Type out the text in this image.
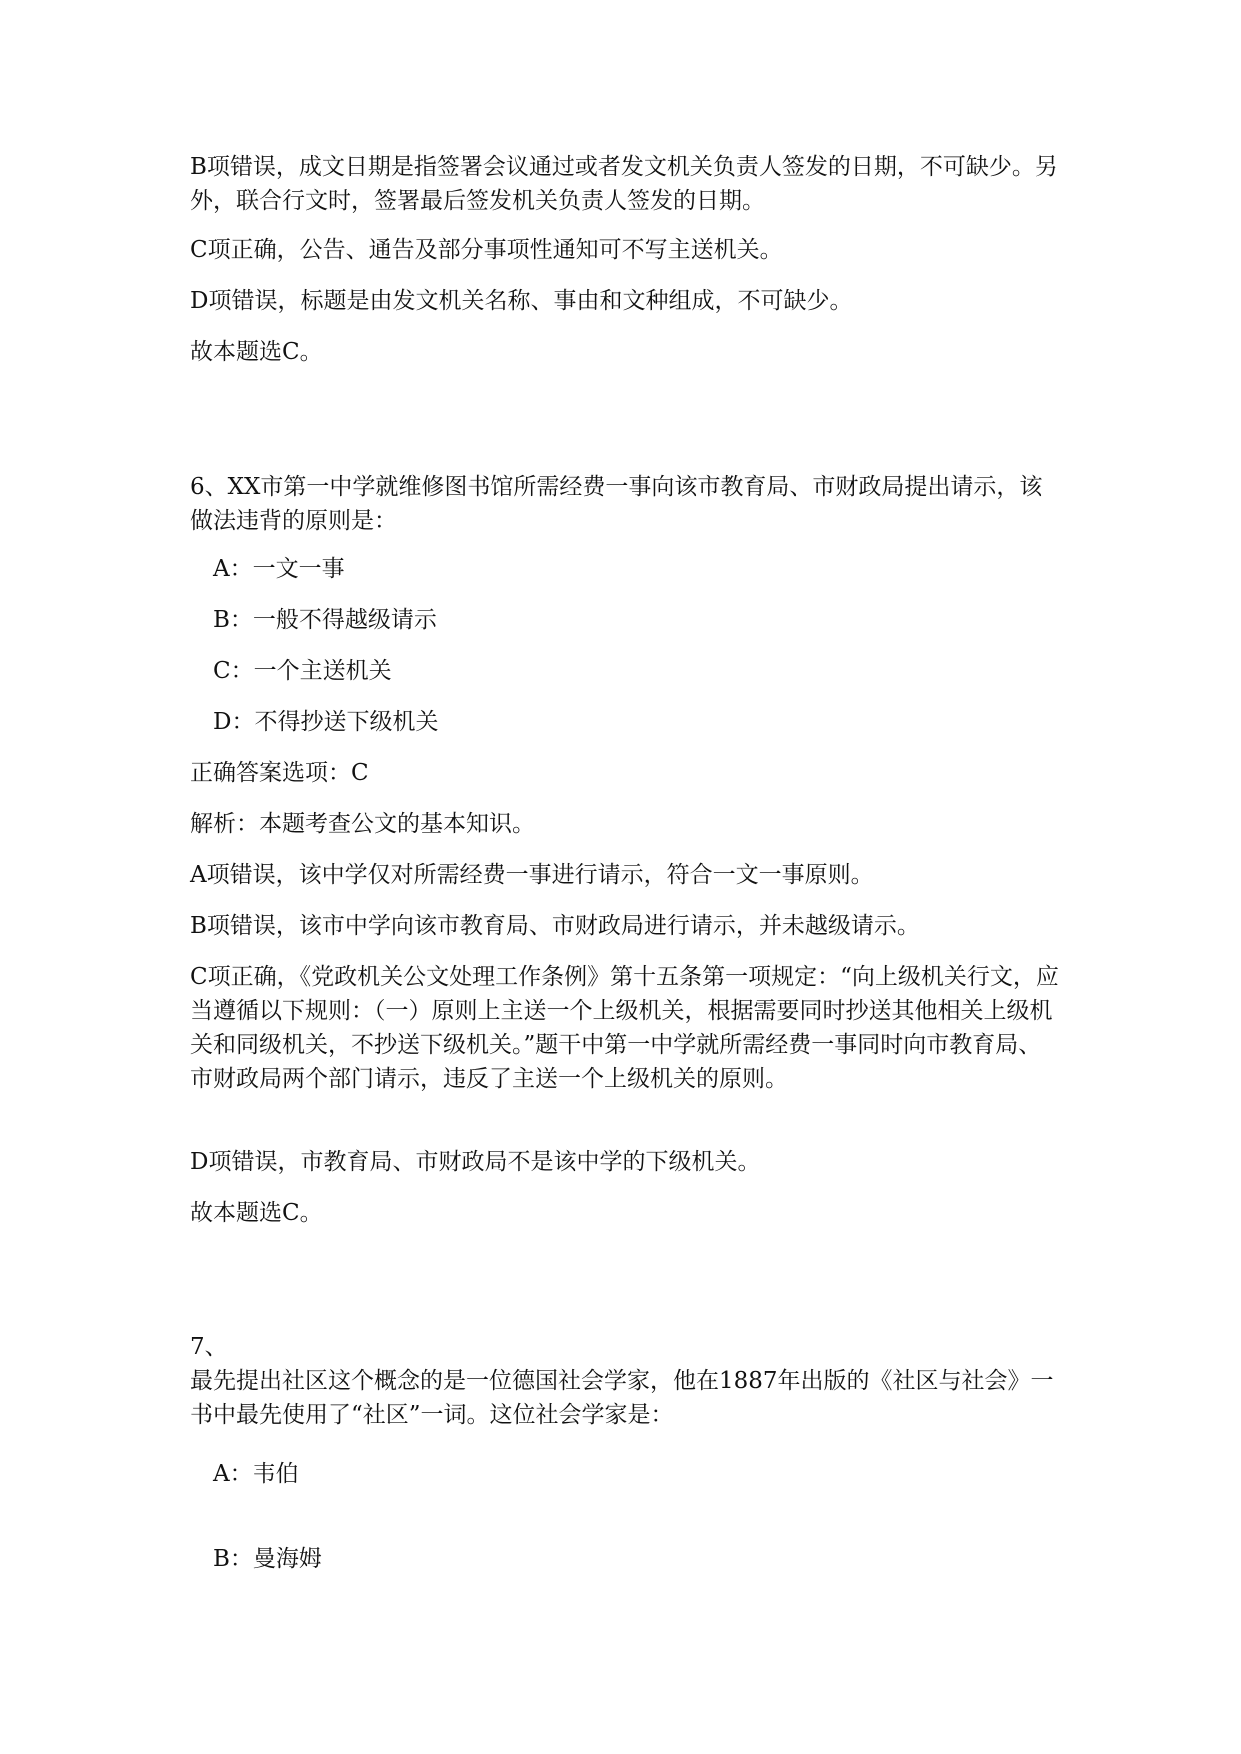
B项错误，成文日期是指签署会议通过或者发文机关负责人签发的日期，不可缺少。另外，联合行文时，签署最后签发机关负责人签发的日期。
C项正确，公告、通告及部分事项性通知可不写主送机关。
D项错误，标题是由发文机关名称、事由和文种组成，不可缺少。
故本题选C。
6、XX市第一中学就维修图书馆所需经费一事向该市教育局、市财政局提出请示，该做法违背的原则是：
A：一文一事
B：一般不得越级请示
C：一个主送机关
D：不得抄送下级机关
正确答案选项：C
解析：本题考查公文的基本知识。
A项错误，该中学仅对所需经费一事进行请示，符合一文一事原则。
B项错误，该市中学向该市教育局、市财政局进行请示，并未越级请示。
C项正确，《党政机关公文处理工作条例》第十五条第一项规定：“向上级机关行文，应当遵循以下规则：（一）原则上主送一个上级机关，根据需要同时抄送其他相关上级机关和同级机关，不抄送下级机关。”题干中第一中学就所需经费一事同时向市教育局、市财政局两个部门请示，违反了主送一个上级机关的原则。
D项错误，市教育局、市财政局不是该中学的下级机关。
故本题选C。
7、
最先提出社区这个概念的是一位德国社会学家，他在1887年出版的《社区与社会》一书中最先使用了“社区”一词。这位社会学家是：
A：韦伯
B：曼海姆
